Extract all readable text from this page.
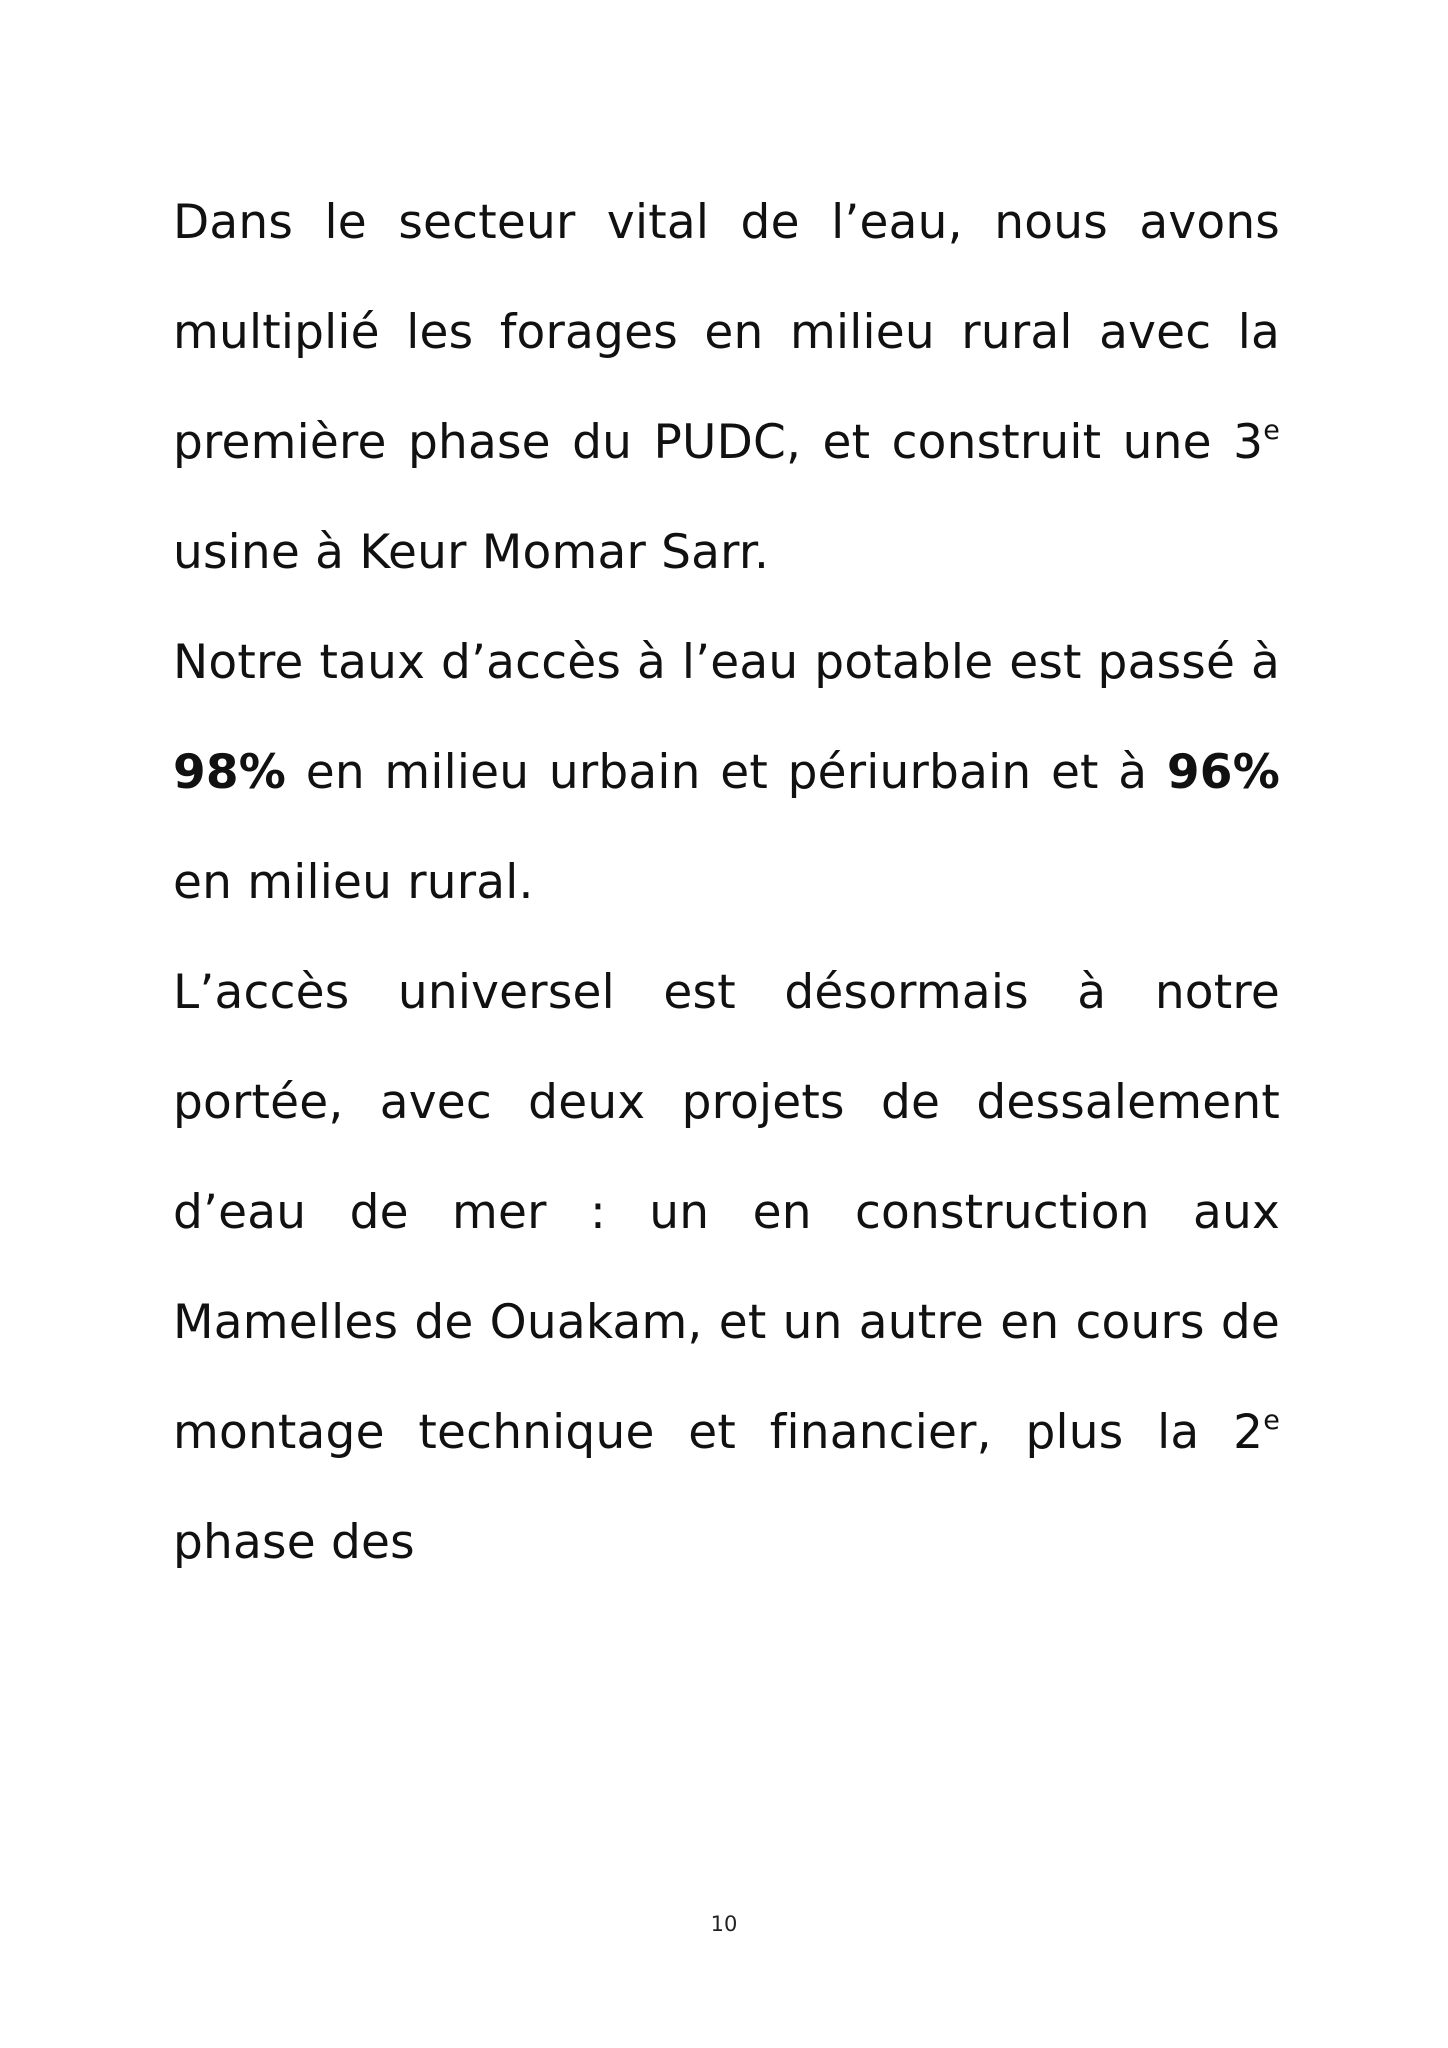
Dans le secteur vital de l’eau, nous avons multiplié les forages en milieu rural avec la première phase du PUDC, et construit une 3e usine à Keur Momar Sarr.

Notre taux d’accès à l’eau potable est passé à 98% en milieu urbain et périurbain et à 96% en milieu rural.

L’accès universel est désormais à notre portée, avec deux projets de dessalement d’eau de mer : un en construction aux Mamelles de Ouakam, et un autre en cours de montage technique et financier, plus la 2e phase des

10
